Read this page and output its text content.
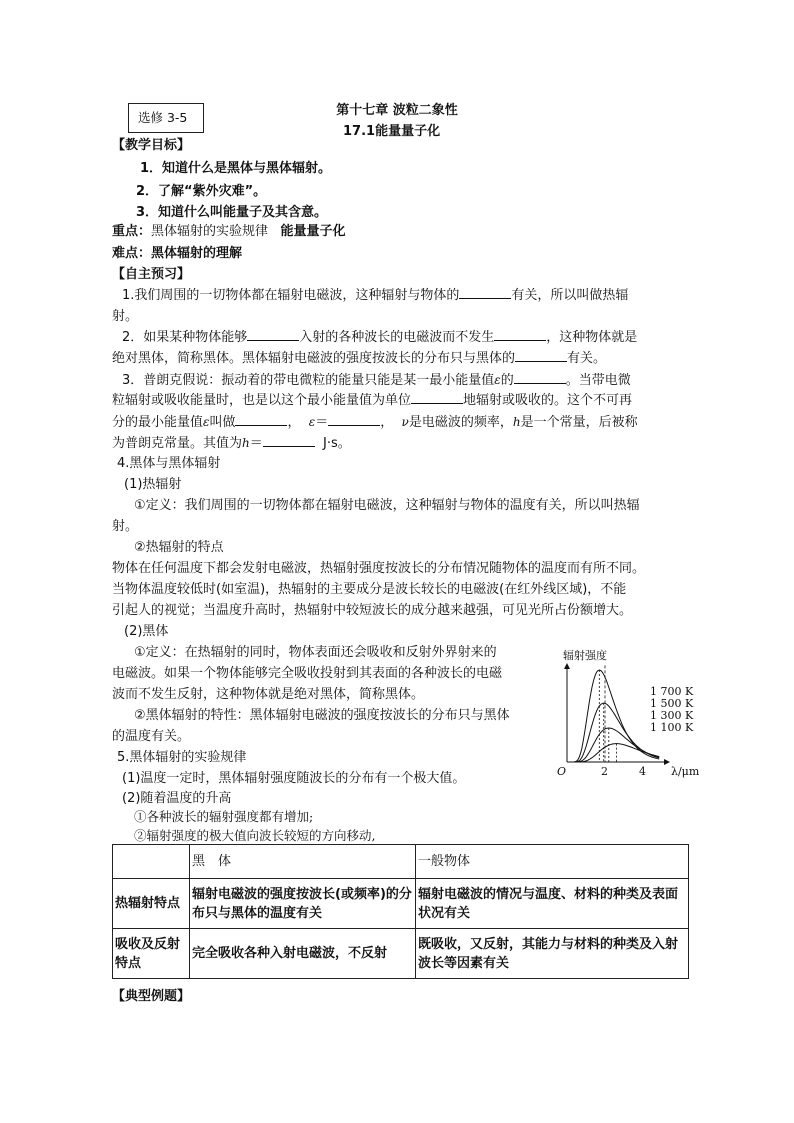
选修 3-5	第十七章 波粒二象性
17.1能量量子化
【教学目标】
1．知道什么是黑体与黑体辐射。
2．了解“紫外灾难”。
3．知道什么叫能量子及其含意。
重点：黑体辐射的实验规律 能量量子化
难点：黑体辐射的理解
【自主预习】
1.我们周围的一切物体都在辐射电磁波，这种辐射与物体的	有关，所以叫做热辐
射。
2．如果某种物体能够	入射的各种波长的电磁波而不发生	，这种物体就是
绝对黑体，简称黑体。黑体辐射电磁波的强度按波长的分布只与黑体的	有关。
3．普朗克假说：振动着的带电微粒的能量只能是某一最小能量值ε的	。当带电微
粒辐射或吸收能量时，也是以这个最小能量值为单位	地辐射或吸收的。这个不可再
分的最小能量值ε叫做	， ε＝	， ν是电磁波的频率，h是一个常量，后被称
为普朗克常量。其值为h＝	J·s。
4.黑体与黑体辐射
(1)热辐射
①定义：我们周围的一切物体都在辐射电磁波，这种辐射与物体的温度有关，所以叫热辐
射。
②热辐射的特点
物体在任何温度下都会发射电磁波，热辐射强度按波长的分布情况随物体的温度而有所不同。
当物体温度较低时(如室温)，热辐射的主要成分是波长较长的电磁波(在红外线区域)，不能
引起人的视觉；当温度升高时，热辐射中较短波长的成分越来越强，可见光所占份额增大。
(2)黑体
①定义：在热辐射的同时，物体表面还会吸收和反射外界射来的
电磁波。如果一个物体能够完全吸收投射到其表面的各种波长的电磁
波而不发生反射，这种物体就是绝对黑体，简称黑体。
②黑体辐射的特性：黑体辐射电磁波的强度按波长的分布只与黑体
的温度有关。
5.黑体辐射的实验规律
(1)温度一定时，黑体辐射强度随波长的分布有一个极大值。
(2)随着温度的升高
①各种波长的辐射强度都有增加;
②辐射强度的极大值向波长较短的方向移动,
辐射强度
O	2	4 λ/μm
1 700 K
1 500 K
1 300 K
1 100 K
	黑　体	一般物体
热辐射特点	辐射电磁波的强度按波长(或频率)的分布只与黑体的温度有关	辐射电磁波的情况与温度、材料的种类及表面状况有关
吸收及反射特点	完全吸收各种入射电磁波，不反射	既吸收，又反射，其能力与材料的种类及入射波长等因素有关
【典型例题】
